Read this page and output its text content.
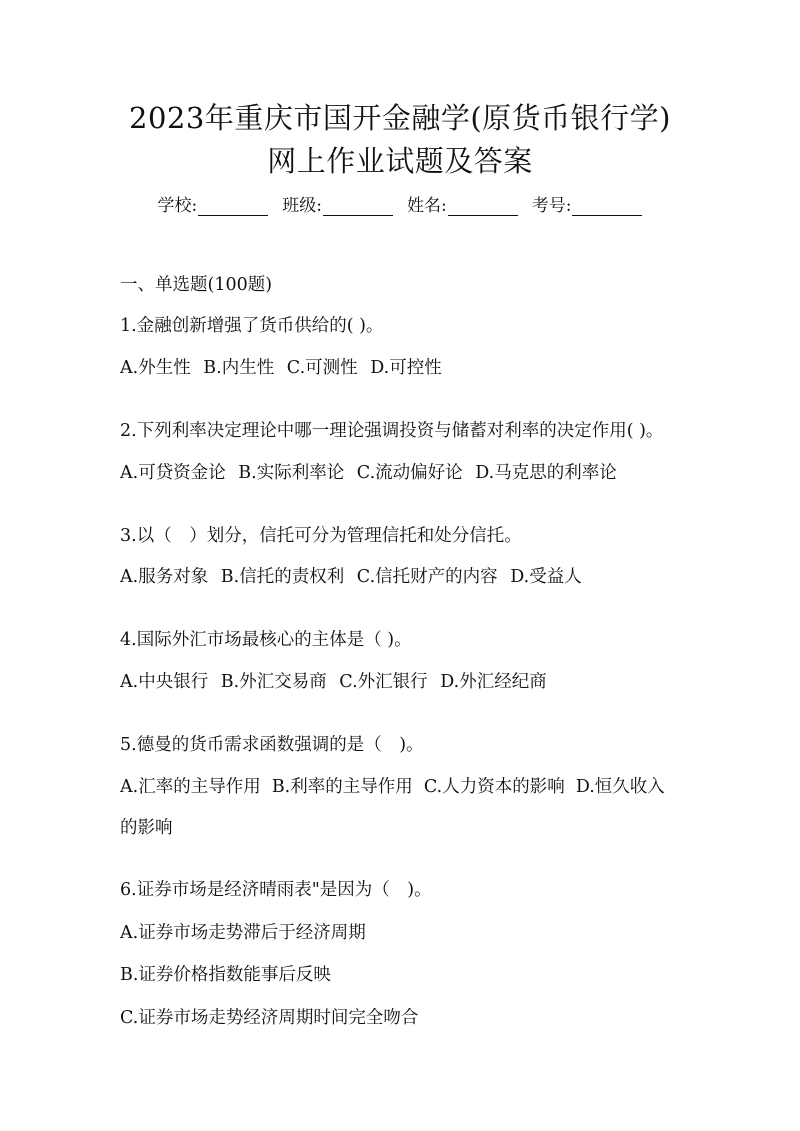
2023年重庆市国开金融学(原货币银行学)
网上作业试题及答案
学校:	班级:	姓名:	考号:
一、单选题(100题)
1.金融创新增强了货币供给的( )。
A.外生性 B.内生性 C.可测性 D.可控性
2.下列利率决定理论中哪一理论强调投资与储蓄对利率的决定作用( )。
A.可贷资金论 B.实际利率论 C.流动偏好论 D.马克思的利率论
3.以（　）划分，信托可分为管理信托和处分信托。
A.服务对象 B.信托的责权利 C.信托财产的内容 D.受益人
4.国际外汇市场最核心的主体是（ )。
A.中央银行 B.外汇交易商 C.外汇银行 D.外汇经纪商
5.德曼的货币需求函数强调的是（　)。
A.汇率的主导作用  B.利率的主导作用  C.人力资本的影响  D.恒久收入
的影响
6.证券市场是经济晴雨表"是因为（　)。
A.证券市场走势滞后于经济周期
B.证券价格指数能事后反映
C.证券市场走势经济周期时间完全吻合
